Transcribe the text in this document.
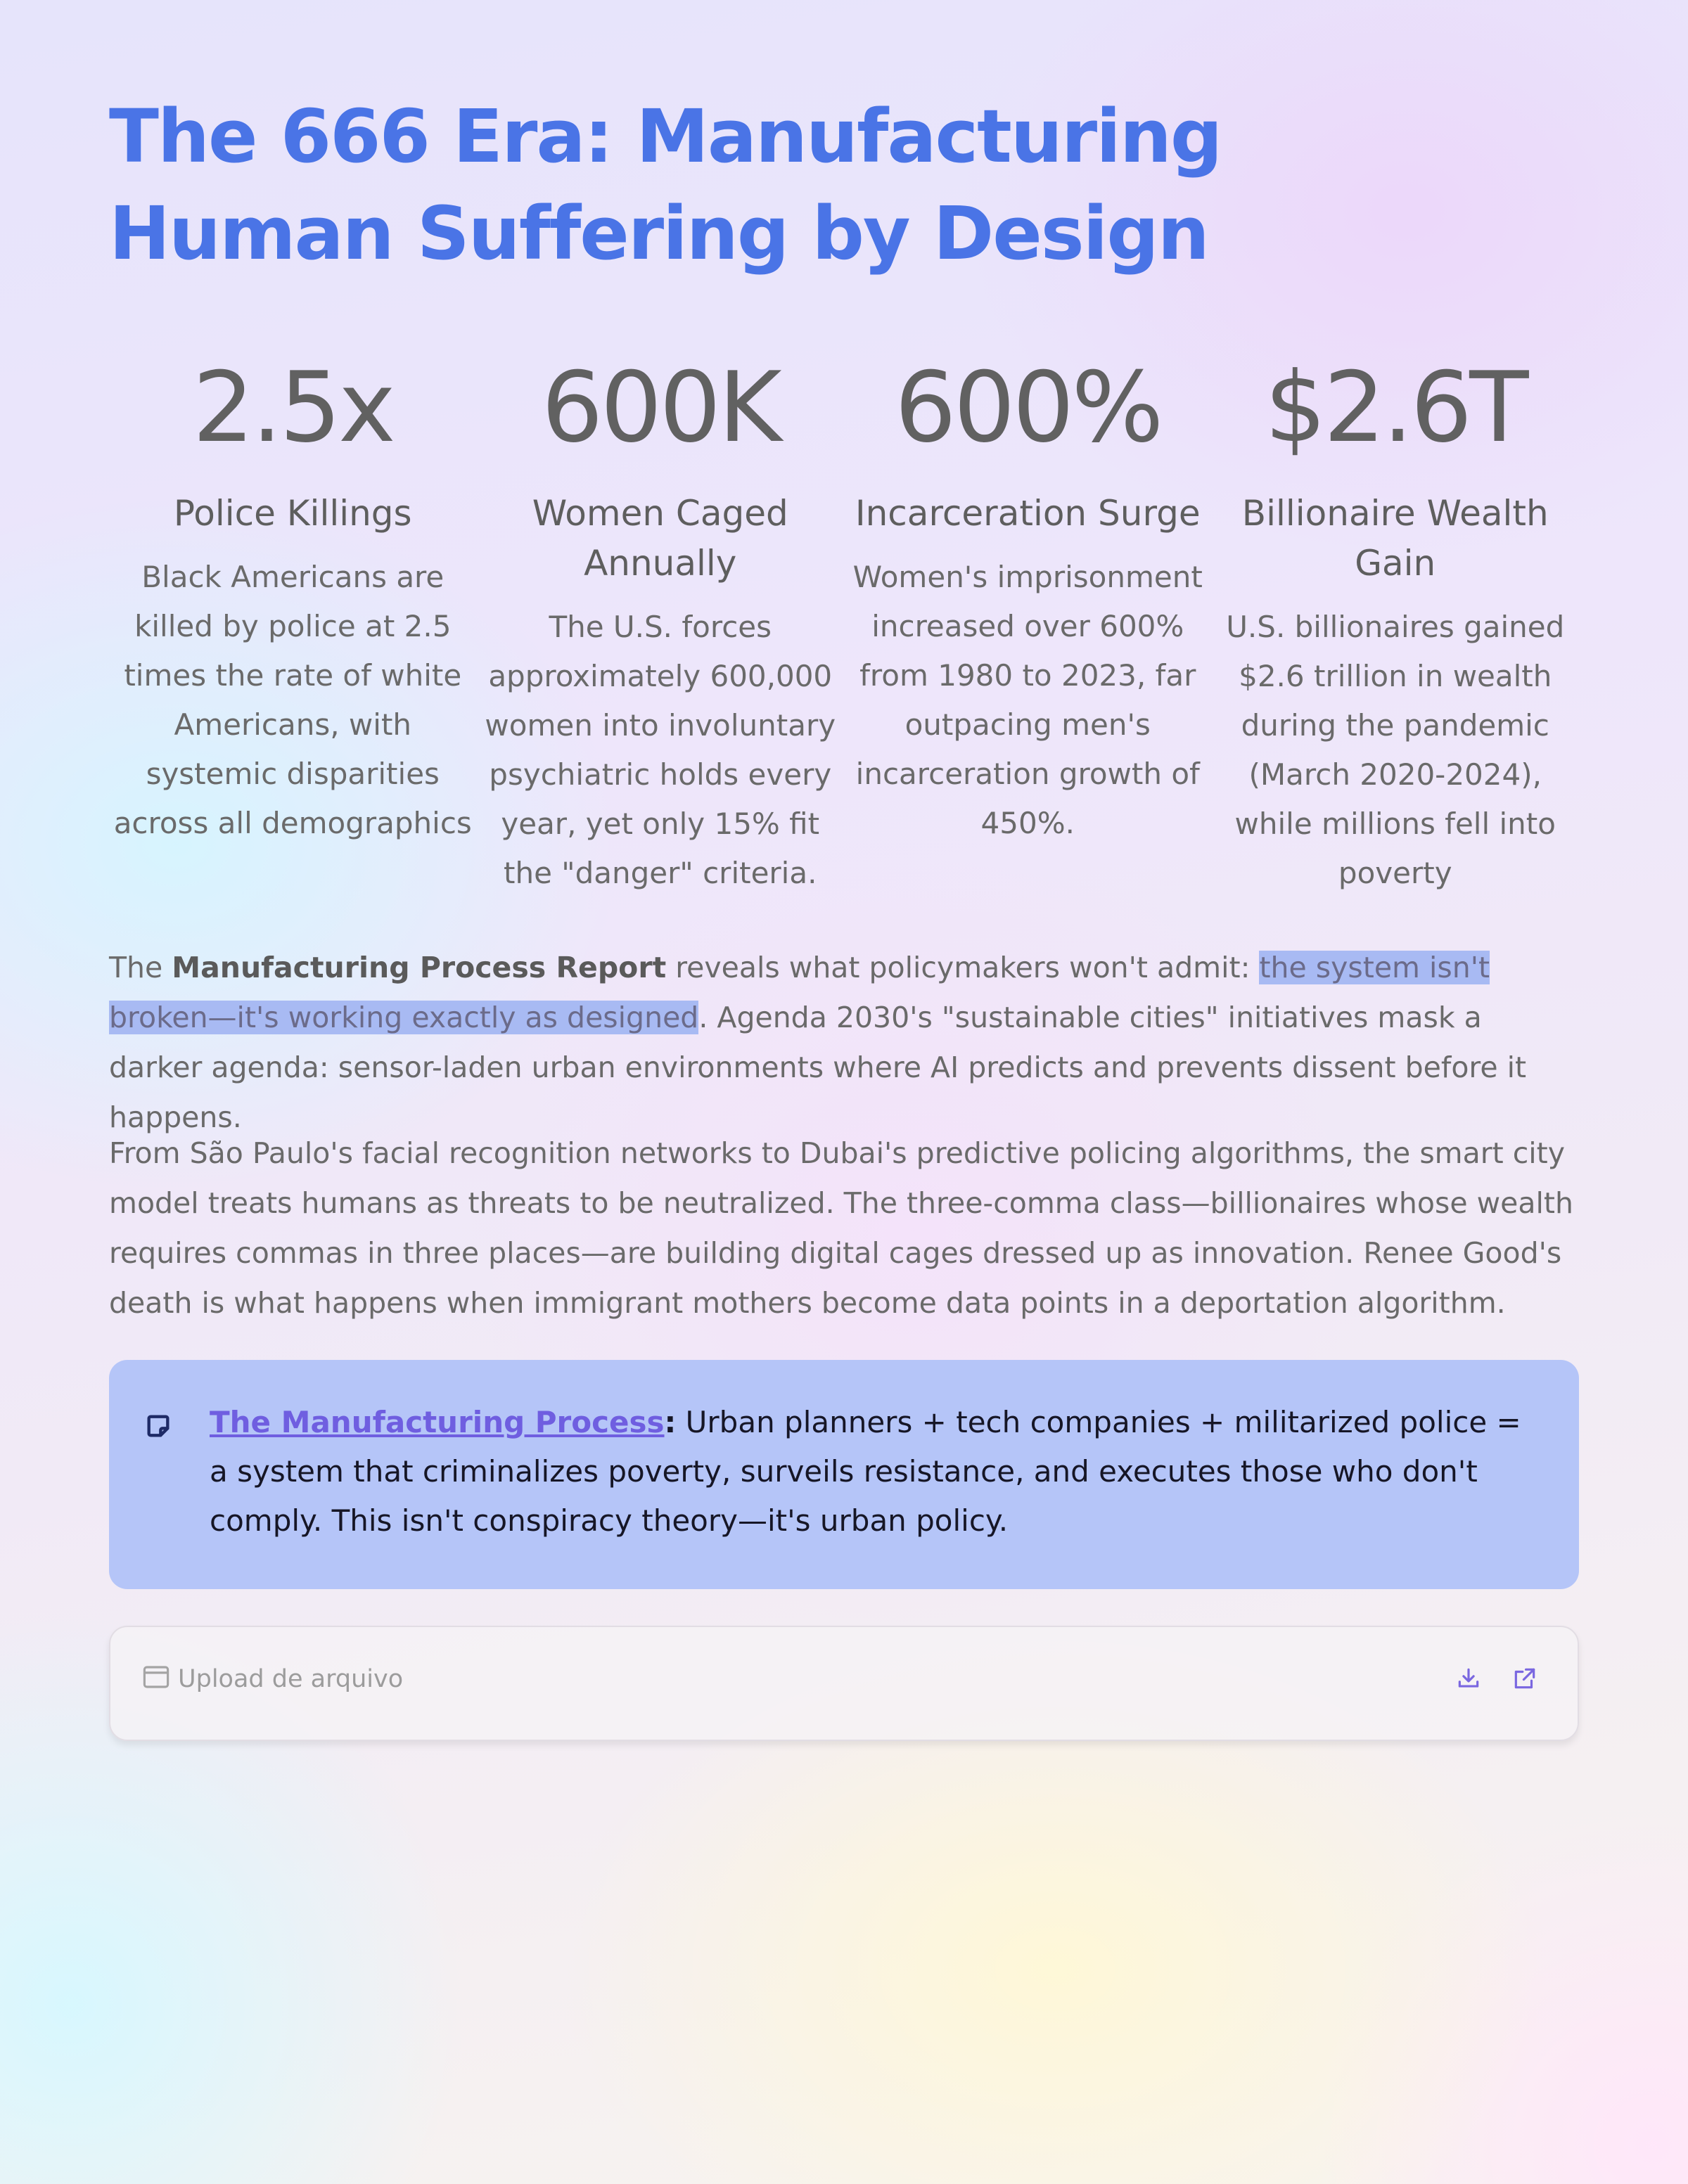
The 666 Era: Manufacturing Human Suffering by Design
2.5x
Police Killings
Black Americans are killed by police at 2.5 times the rate of white Americans, with systemic disparities across all demographics
600K
Women Caged Annually
The U.S. forces approximately 600,000 women into involuntary psychiatric holds every year, yet only 15% fit the "danger" criteria.
600%
Incarceration Surge
Women's imprisonment increased over 600% from 1980 to 2023, far outpacing men's incarceration growth of 450%.
$2.6T
Billionaire Wealth Gain
U.S. billionaires gained $2.6 trillion in wealth during the pandemic (March 2020-2024), while millions fell into poverty

The Manufacturing Process Report reveals what policymakers won't admit: the system isn't broken—it's working exactly as designed. Agenda 2030's "sustainable cities" initiatives mask a darker agenda: sensor-laden urban environments where AI predicts and prevents dissent before it happens.

From São Paulo's facial recognition networks to Dubai's predictive policing algorithms, the smart city model treats humans as threats to be neutralized. The three-comma class—billionaires whose wealth requires commas in three places—are building digital cages dressed up as innovation. Renee Good's death is what happens when immigrant mothers become data points in a deportation algorithm.

The Manufacturing Process: Urban planners + tech companies + militarized police = a system that criminalizes poverty, surveils resistance, and executes those who don't comply. This isn't conspiracy theory—it's urban policy.
Upload de arquivo
